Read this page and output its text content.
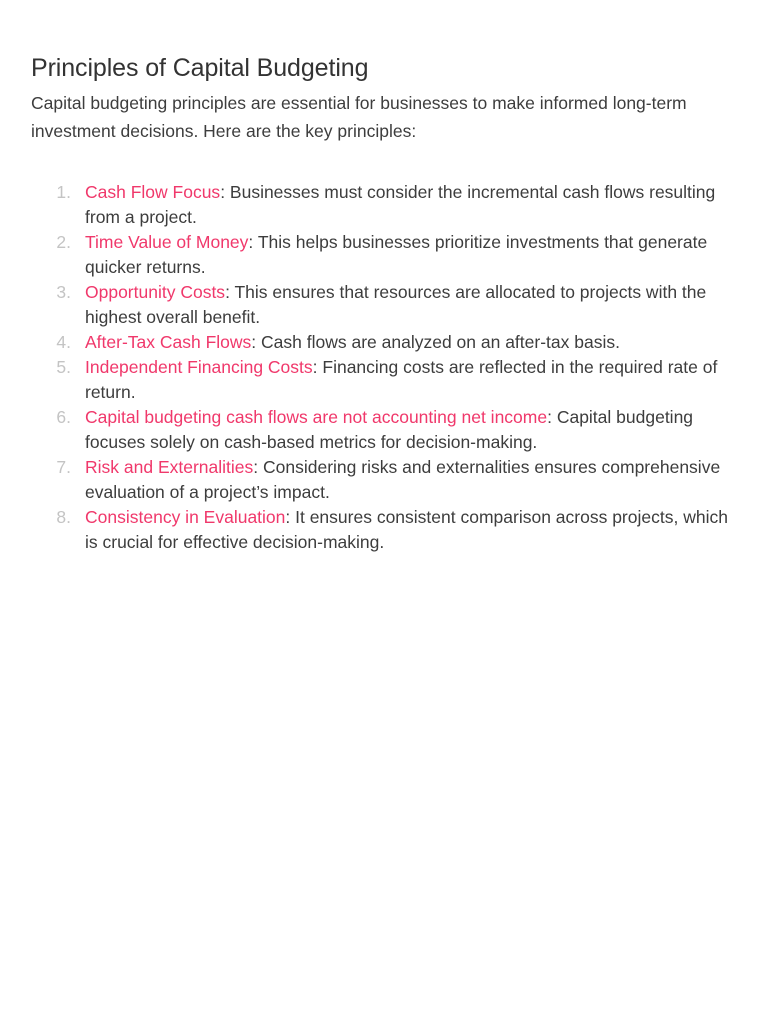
Principles of Capital Budgeting

Capital budgeting principles are essential for businesses to make informed long-term investment decisions. Here are the key principles:

1. Cash Flow Focus: Businesses must consider the incremental cash flows resulting from a project.
2. Time Value of Money: This helps businesses prioritize investments that generate quicker returns.
3. Opportunity Costs: This ensures that resources are allocated to projects with the highest overall benefit.
4. After-Tax Cash Flows: Cash flows are analyzed on an after-tax basis.
5. Independent Financing Costs: Financing costs are reflected in the required rate of return.
6. Capital budgeting cash flows are not accounting net income: Capital budgeting focuses solely on cash-based metrics for decision-making.
7. Risk and Externalities: Considering risks and externalities ensures comprehensive evaluation of a project’s impact.
8. Consistency in Evaluation: It ensures consistent comparison across projects, which is crucial for effective decision-making.
